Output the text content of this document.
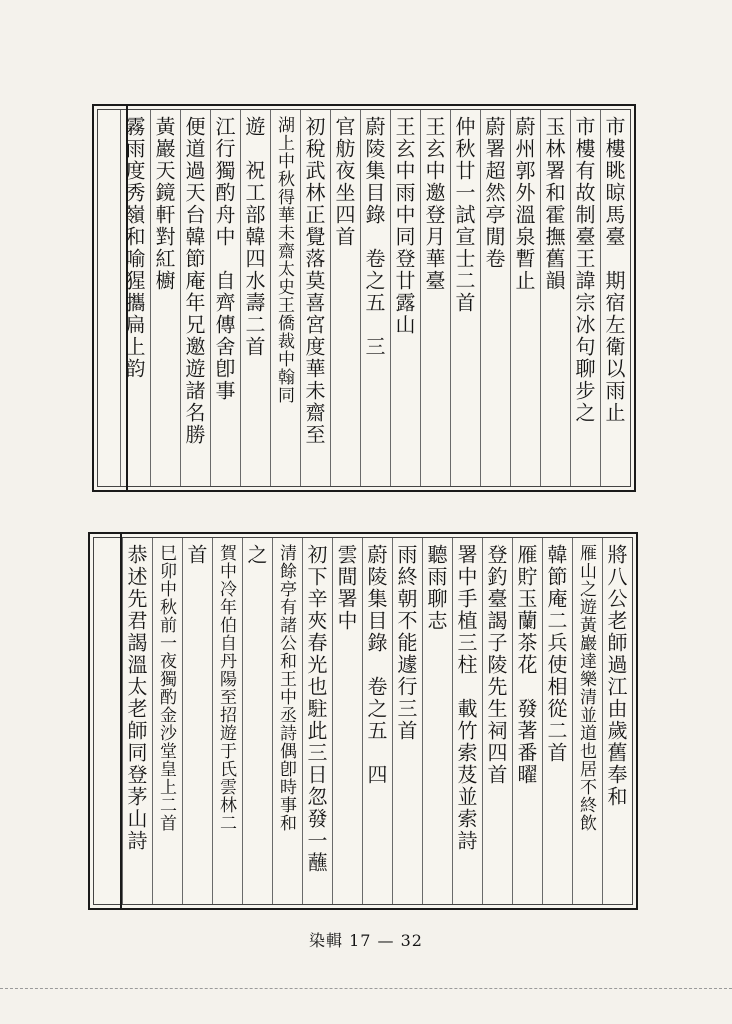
市樓眺晾馬臺　期宿左衛以雨止
市樓有故制臺王諱宗冰句聊步之
玉林署和霍撫舊韻
蔚州郭外溫泉暫止
蔚署超然亭閒卷
仲秋廿一試宣士二首
王玄中邀登月華臺
王玄中雨中同登廿露山
蔚陵集目錄　卷之五　三
官舫夜坐四首
初稅武林正覺落莫喜宮度華未齋至
湖上中秋得華未齋太史王僑裁中翰同
遊　祝工部韓四水壽二首
江行獨酌舟中　自齊傳舍卽事
便道過天台韓節庵年兄邀遊諸名勝
黃巖天鏡軒對紅櫥
霧雨度秀嶺和喻猩攜扁上韵
將八公老師過江由歲舊奉和
雁山之遊黃巖達樂清並道也居不終飲
韓節庵二兵使相從二首
雁貯玉蘭茶花　發著番曜
登釣臺謁子陵先生祠四首
署中手植三柱　載竹索芨並索詩
聽雨聊志
雨終朝不能遽行三首
蔚陵集目錄　卷之五　四
雲間署中
初下辛夾春光也駐此三日忽發一蘸
清餘亭有諸公和王中丞詩偶卽時事和
之
賀中冷年伯自丹陽至招遊于氏雲林二
首
巳卯中秋前一夜獨酌金沙堂皇上二首
恭述先君謁溫太老師同登茅山詩
染輯 17 — 32
